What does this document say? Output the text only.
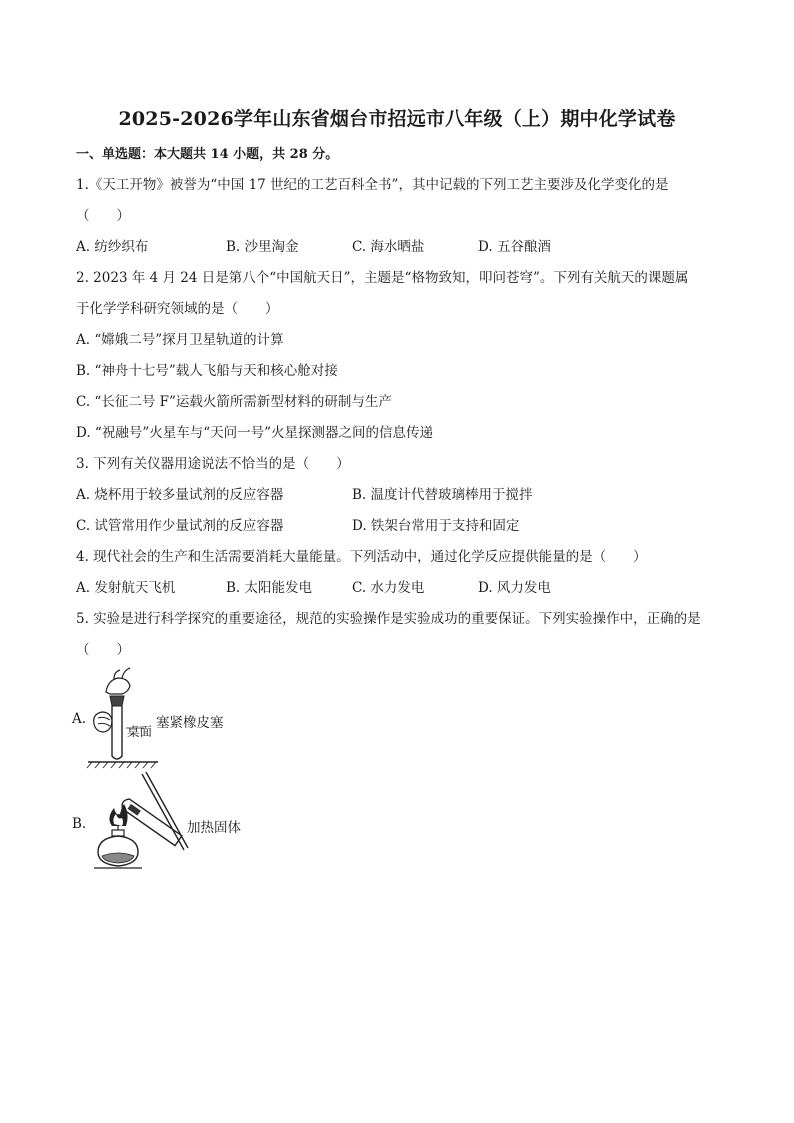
2025-2026学年山东省烟台市招远市八年级（上）期中化学试卷
一、单选题：本大题共 14 小题，共 28 分。
1.《天工开物》被誉为“中国 17 世纪的工艺百科全书”，其中记载的下列工艺主要涉及化学变化的是
（　　）
A. 纺纱织布	B. 沙里淘金	C. 海水晒盐	D. 五谷酿酒
2. 2023 年 4 月 24 日是第八个“中国航天日”，主题是“格物致知，叩问苍穹”。下列有关航天的课题属
于化学学科研究领域的是（　　）
A. “嫦娥二号”探月卫星轨道的计算
B. “神舟十七号”载人飞船与天和核心舱对接
C. “长征二号 F”运载火箭所需新型材料的研制与生产
D. “祝融号”火星车与“天问一号”火星探测器之间的信息传递
3. 下列有关仪器用途说法不恰当的是（　　）
A. 烧杯用于较多量试剂的反应容器	B. 温度计代替玻璃棒用于搅拌
C. 试管常用作少量试剂的反应容器	D. 铁架台常用于支持和固定
4. 现代社会的生产和生活需要消耗大量能量。下列活动中，通过化学反应提供能量的是（　　）
A. 发射航天飞机	B. 太阳能发电	C. 水力发电	D. 风力发电
5. 实验是进行科学探究的重要途径，规范的实验操作是实验成功的重要保证。下列实验操作中，正确的是
（　　）
A.
桌面
塞紧橡皮塞
B.	加热固体
